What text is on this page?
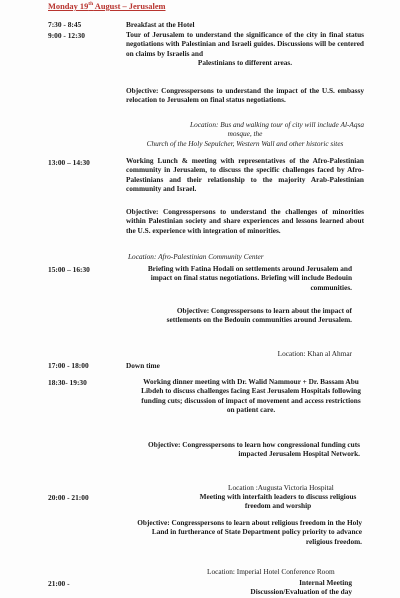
Monday 19th August – Jerusalem
7:30 - 8:45	Breakfast at the Hotel
9:00 - 12:30	Tour of Jerusalem to understand the significance of the city in final status negotiations with Palestinian and Israeli guides. Discussions will be centered on claims by Israelis and
Palestinians to different areas.
Objective: Congresspersons to understand the impact of the U.S. embassy relocation to Jerusalem on final status negotiations.
Location: Bus and walking tour of city will include Al-Aqsa
mosque, the
Church of the Holy Sepulcher, Western Wall and other historic sites
13:00 – 14:30	Working Lunch & meeting with representatives of the Afro-Palestinian community in Jerusalem, to discuss the specific challenges faced by Afro-Palestinians and their relationship to the majority Arab-Palestinian community and Israel.
Objective: Congresspersons to understand the challenges of minorities within Palestinian society and share experiences and lessons learned about the U.S. experience with integration of minorities.
Location: Afro-Palestinian Community Center
15:00 – 16:30	Briefing with Fatina Hodali on settlements around Jerusalem and impact on final status negotiations. Briefing will include Bedouin communities.
Objective: Congresspersons to learn about the impact of settlements on the Bedouin communities around Jerusalem.
Location: Khan al Ahmar
17:00 - 18:00	Down time
18:30- 19:30	Working dinner meeting with Dr. Walid Nammour + Dr. Bassam Abu Libdeh to discuss challenges facing East Jerusalem Hospitals following funding cuts; discussion of impact of movement and access restrictions on patient care.
Objective: Congresspersons to learn how congressional funding cuts impacted Jerusalem Hospital Network.
Location :Augusta Victoria Hospital
20:00 - 21:00	Meeting with interfaith leaders to discuss religious freedom and worship
Objective: Congresspersons to learn about religious freedom in the Holy Land in furtherance of State Department policy priority to advance religious freedom.
Location: Imperial Hotel Conference Room
21:00 -	Internal Meeting
Discussion/Evaluation of the day
